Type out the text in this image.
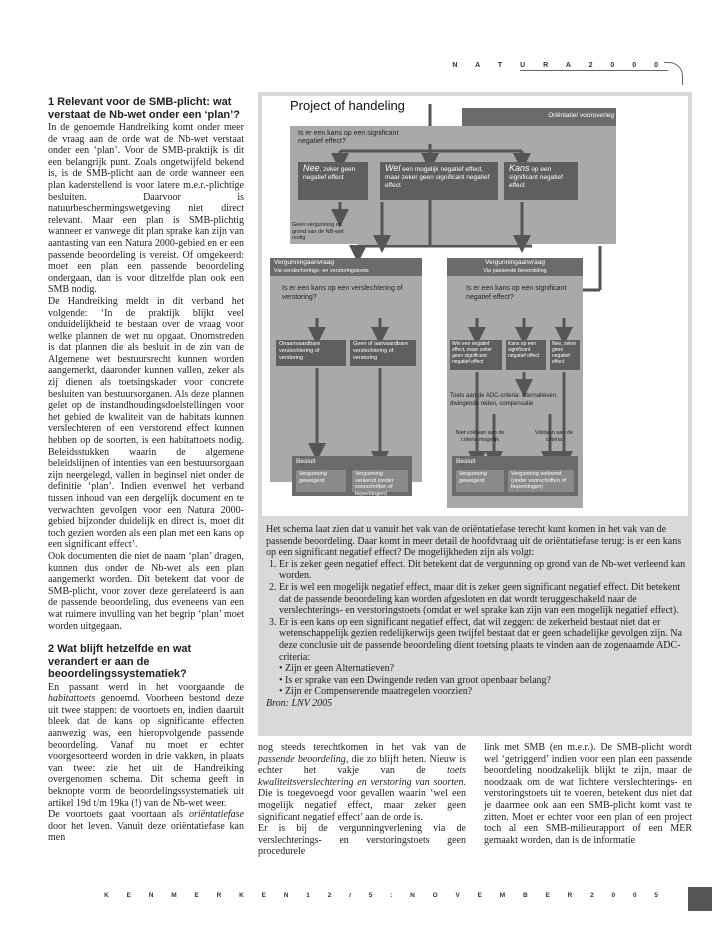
N A T U R A 2 0 0 0
1 Relevant voor de SMB-plicht: wat verstaat de Nb-wet onder een ‘plan’?

In de genoemde Handreiking komt onder meer de vraag aan de orde wat de Nb-wet verstaat onder een ‘plan’. Voor de SMB-praktijk is dit een belangrijk punt. Zoals ongetwijfeld bekend is, is de SMB-plicht aan de orde wanneer een plan kaderstellend is voor latere m.e.r.-plichtige besluiten. Daarvoor is natuurbeschermingswetgeving niet direct relevant. Maar een plan is SMB-plichtig wanneer er vanwege dit plan sprake kan zijn van aantasting van een Natura 2000-gebied en er een passende beoordeling is vereist. Of omgekeerd: moet een plan een passende beoordeling ondergaan, dan is voor ditzelfde plan ook een SMB nodig.

De Handreiking meldt in dit verband het volgende: ‘In de praktijk blijkt veel onduidelijkheid te bestaan over de vraag voor welke plannen de wet nu opgaat. Onomstreden is dat plannen die als besluit in de zin van de Algemene wet bestuursrecht kunnen worden aangemerkt, daaronder kunnen vallen, zeker als zij dienen als toetsingskader voor concrete besluiten van bestuursorganen. Als deze plannen gelet op de instandhoudingsdoelstellingen voor het gebied de kwaliteit van de habitats kunnen verslechteren of een verstorend effect kunnen hebben op de soorten, is een habitattoets nodig. Beleidsstukken waarin de algemene beleidslijnen of intenties van een bestuursorgaan zijn neergelegd, vallen in beginsel niet onder de definitie ‘plan’. Indien evenwel het verband tussen inhoud van een dergelijk document en te verwachten gevolgen voor een Natura 2000-gebied bijzonder duidelijk en direct is, moet dit toch gezien worden als een plan met een kans op een significant effect’.

Ook documenten die niet de naam ‘plan’ dragen, kunnen dus onder de Nb-wet als een plan aangemerkt worden. Dit betekent dat voor de SMB-plicht, voor zover deze gerelateerd is aan de passende beoordeling, dus eveneens van een wat ruimere invulling van het begrip ‘plan’ moet worden uitgegaan.

2 Wat blijft hetzelfde en wat verandert er aan de beoordelingssystematiek?

En passant werd in het voorgaande de habitattoets genoemd. Voorheen bestond deze uit twee stappen: de voortoets en, indien daaruit bleek dat de kans op significante effecten aanwezig was, een hieropvolgende passende beoordeling. Vanaf nu moet er echter voorgesorteerd worden in drie vakken, in plaats van twee: zie het uit de Handreiking overgenomen schema. Dit schema geeft in beknopte vorm de beoordelingssystematiek uit artikel 19d t/m 19ka (!) van de Nb-wet weer.

De voortoets gaat voortaan als oriëntatiefase door het leven. Vanuit deze oriëntatiefase kan men

Project of handeling
Oriëntatie/ vooroverleg
Is er een kans op een significant negatief effect?
Nee, zeker geen negatief effect
Wel een mogelijk negatief effect, maar zeker geen significant negatief effect
Kans op een significant negatief effect
Geen vergunning op grond van de NB-wet nodig
Vergunningaanvraag
Via verslecherings- en verstoringstoets
Is er een kans op een verslechtering of verstoring?
Onaanvaardbare verslechtering of verstoring
Geen of aanvaardbare verslechtering of verstoring
Vergunningaanvraag
Via passende beoordeling
Is er een kans op een significant negatief effect?
Wel een negatief effect, maar zeker geen significant negatief effect
Kans op een significant negatief effect
Nee, zeker geen negatief effect
Toets aan de ADC-criteria: alternatieven, dwingende reden, compensatie
Niet voldaan aan de criteria mogelijk
Voldaan aan de criteria
Besluit
Vergunning geweigerd
Vergunning verleend (onder voorschriften of beperkingen)
Besluit
Vergunning geweigerd
Vergunning verleend (onder voorschriften of beperkingen)

Het schema laat zien dat u vanuit het vak van de oriëntatiefase terecht kunt komen in het vak van de passende beoordeling. Daar komt in meer detail de hoofdvraag uit de oriëntatiefase terug: is er een kans op een significant negatief effect? De mogelijkheden zijn als volgt:

1. Er is zeker geen negatief effect. Dit betekent dat de vergunning op grond van de Nb-wet verleend kan worden.
2. Er is wel een mogelijk negatief effect, maar dit is zeker geen significant negatief effect. Dit betekent dat de passende beoordeling kan worden afgesloten en dat wordt teruggeschakeld naar de verslechterings- en verstoringstoets (omdat er wel sprake kan zijn van een mogelijk negatief effect).
3. Er is een kans op een significant negatief effect, dat wil zeggen: de zekerheid bestaat niet dat er wetenschappelijk gezien redelijkerwijs geen twijfel bestaat dat er geen schadelijke gevolgen zijn. Na deze conclusie uit de passende beoordeling dient toetsing plaats te vinden aan de zogenaamde ADC-criteria:

• Zijn er geen Alternatieven?

• Is er sprake van een Dwingende reden van groot openbaar belang?

• Zijn er Compenserende maatregelen voorzien?

Bron: LNV 2005

nog steeds terechtkomen in het vak van de passende beoordeling, die zo blijft heten. Nieuw is echter het vakje van de toets kwaliteitsverslechtering en verstoring van soorten. Die is toegevoegd voor gevallen waarin ‘wel een mogelijk negatief effect, maar zeker geen significant negatief effect’ aan de orde is.

Er is bij de vergunningverlening via de verslechterings- en verstoringstoets geen procedurele

link met SMB (en m.e.r.). De SMB-plicht wordt wel ‘getriggerd’ indien voor een plan een passende beoordeling noodzakelijk blijkt te zijn, maar de noodzaak om de wat lichtere verslechterings- en verstoringstoets uit te voeren, betekent dus niet dat je daarmee ook aan een SMB-plicht komt vast te zitten. Moet er echter voor een plan of een project toch al een SMB-milieurapport of een MER gemaakt worden, dan is de informatie

K E N M E R K E N 1 2 / 5 : N O V E M B E R 2 0 0 5
